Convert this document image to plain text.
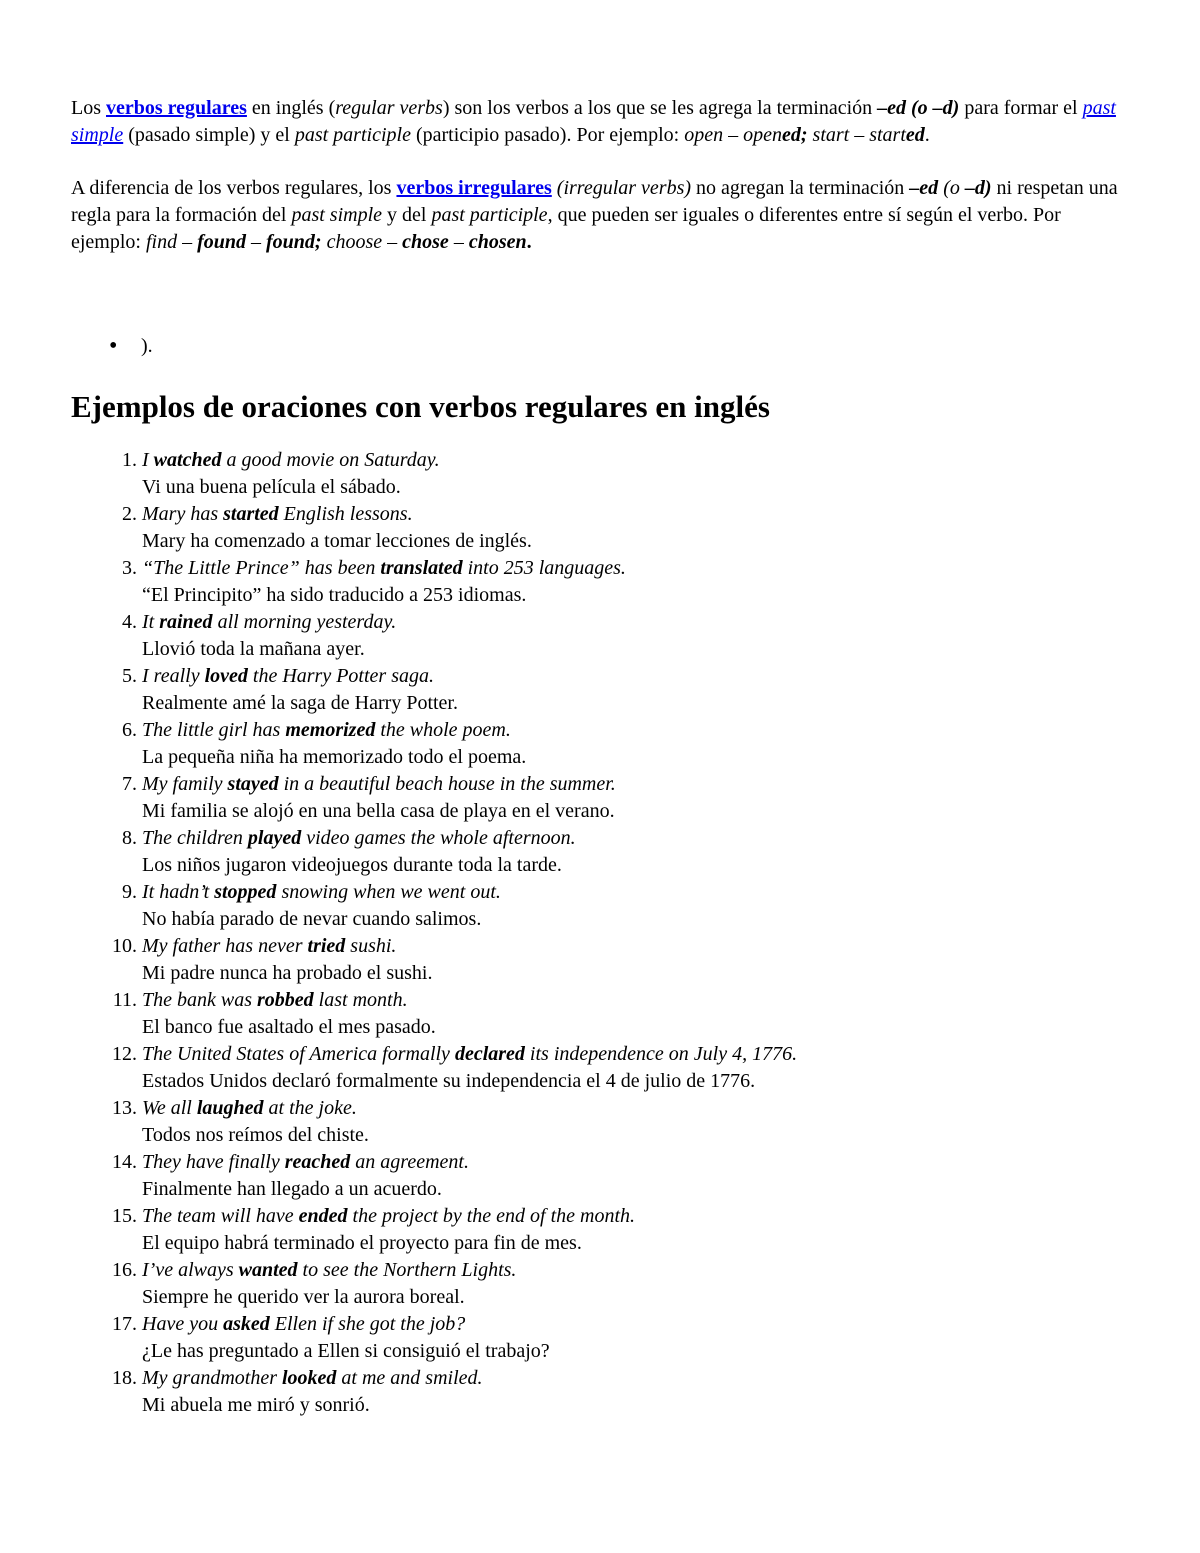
Los verbos regulares en inglés (regular verbs) son los verbos a los que se les agrega la terminación –ed (o –d) para formar el past simple (pasado simple) y el past participle (participio pasado). Por ejemplo: open – opened; start – started.

A diferencia de los verbos regulares, los verbos irregulares (irregular verbs) no agregan la terminación –ed (o –d) ni respetan una regla para la formación del past simple y del past participle, que pueden ser iguales o diferentes entre sí según el verbo. Por ejemplo: find – found – found; choose – chose – chosen.

• ).
Ejemplos de oraciones con verbos regulares en inglés
1. I watched a good movie on Saturday.
Vi una buena película el sábado.
2. Mary has started English lessons.
Mary ha comenzado a tomar lecciones de inglés.
3. “The Little Prince” has been translated into 253 languages.
“El Principito” ha sido traducido a 253 idiomas.
4. It rained all morning yesterday.
Llovió toda la mañana ayer.
5. I really loved the Harry Potter saga.
Realmente amé la saga de Harry Potter.
6. The little girl has memorized the whole poem.
La pequeña niña ha memorizado todo el poema.
7. My family stayed in a beautiful beach house in the summer.
Mi familia se alojó en una bella casa de playa en el verano.
8. The children played video games the whole afternoon.
Los niños jugaron videojuegos durante toda la tarde.
9. It hadn’t stopped snowing when we went out.
No había parado de nevar cuando salimos.
10. My father has never tried sushi.
Mi padre nunca ha probado el sushi.
11. The bank was robbed last month.
El banco fue asaltado el mes pasado.
12. The United States of America formally declared its independence on July 4, 1776.
Estados Unidos declaró formalmente su independencia el 4 de julio de 1776.
13. We all laughed at the joke.
Todos nos reímos del chiste.
14. They have finally reached an agreement.
Finalmente han llegado a un acuerdo.
15. The team will have ended the project by the end of the month.
El equipo habrá terminado el proyecto para fin de mes.
16. I’ve always wanted to see the Northern Lights.
Siempre he querido ver la aurora boreal.
17. Have you asked Ellen if she got the job?
¿Le has preguntado a Ellen si consiguió el trabajo?
18. My grandmother looked at me and smiled.
Mi abuela me miró y sonrió.
